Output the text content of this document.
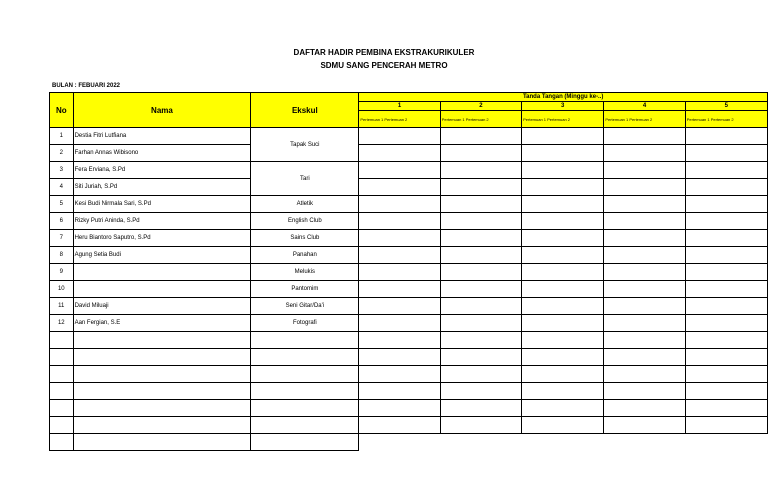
DAFTAR HADIR PEMBINA EKSTRAKURIKULER
SDMU SANG PENCERAH METRO
BULAN : FEBUARI 2022
No	Nama	Ekskul	Tanda Tangan (Minggu ke-..)				
			1	2	3	4	5
			Pertemuan 1 Pertemuan 2	Pertemuan 1 Pertemuan 2	Pertemuan 1 Pertemuan 2	Pertemuan 1 Pertemuan 2	Pertemuan 1 Pertemuan 2
1	Destia Fitri Lutfiana	Tapak Suci					
2	Farhan Annas Wibisono						
3	Fera Erviana, S.Pd	Tari					
4	Siti Juriah, S.Pd						
5	Kesi Budi Nirmala Sari, S.Pd	Atletik					
6	Rizky Putri Aninda, S.Pd	English Club					
7	Heru Biantoro Saputro, S.Pd	Sains Club					
8	Agung Setia Budi	Panahan					
9		Melukis					
10		Pantomim					
11	David Miluaji	Seni Gitar/Da'i					
12	Aan Fergian, S.E	Fotografi					
